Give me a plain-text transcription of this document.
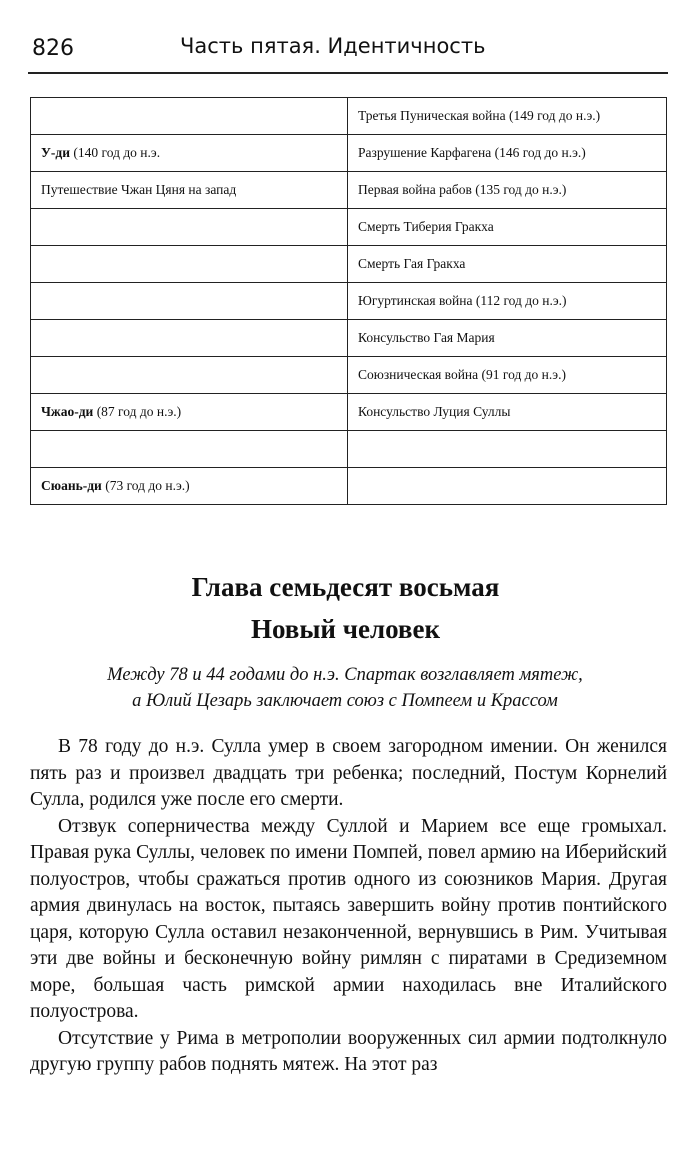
826	Часть пятая. Идентичность
	Третья Пуническая война (149 год до н.э.)
У-ди (140 год до н.э.	Разрушение Карфагена (146 год до н.э.)
Путешествие Чжан Цяня на запад	Первая война рабов (135 год до н.э.)
	Смерть Тиберия Гракха
	Смерть Гая Гракха
	Югуртинская война (112 год до н.э.)
	Консульство Гая Мария
	Союзническая война (91 год до н.э.)
Чжао-ди (87 год до н.э.)	Консульство Луция Суллы

Сюань-ди (73 год до н.э.)	
Глава семьдесят восьмая
Новый человек
Между 78 и 44 годами до н.э. Спартак возглавляет мятеж,
а Юлий Цезарь заключает союз с Помпеем и Крассом

В 78 году до н.э. Сулла умер в своем загородном имении. Он женился пять раз и произвел двадцать три ребенка; последний, Постум Корнелий Сулла, родился уже после его смерти.

Отзвук соперничества между Суллой и Марием все еще громыхал. Правая рука Суллы, человек по имени Помпей, повел армию на Иберийский полуостров, чтобы сражаться против одного из союзников Мария. Другая армия двинулась на восток, пытаясь завершить войну против понтийского царя, которую Сулла оставил незаконченной, вернувшись в Рим. Учитывая эти две войны и бесконечную войну римлян с пиратами в Средиземном море, большая часть римской армии находилась вне Италийского полуострова.

Отсутствие у Рима в метрополии вооруженных сил армии подтолкнуло другую группу рабов поднять мятеж. На этот раз
